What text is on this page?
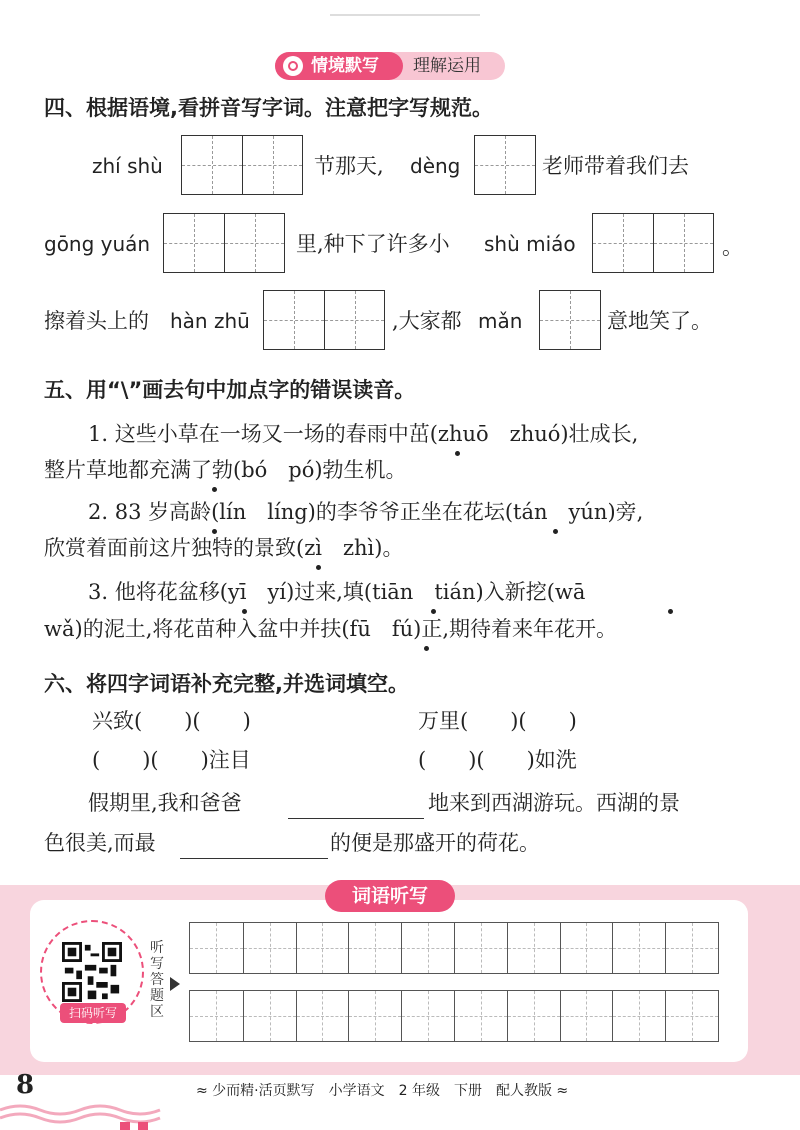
情境默写	理解运用
四、根据语境,看拼音写字词。注意把字写规范。
zhí shù	节那天, dèng	老师带着我们去
gōng yuán	里,种下了许多小 shù miáo	。
擦着头上的 hàn zhū	,大家都 mǎn	意地笑了。
五、用“\”画去句中加点字的错误读音。
1. 这些小草在一场又一场的春雨中茁(zhuō　zhuó)壮成长,
整片草地都充满了勃(bó　pó)勃生机。
2. 83 岁高龄(lín　líng)的李爷爷正坐在花坛(tán　yún)旁,
欣赏着面前这片独特的景致(zì　zhì)。
3. 他将花盆移(yī　yí)过来,填(tiān　tián)入新挖(wā
wǎ)的泥土,将花苗种入盆中并扶(fū　fú)正,期待着来年花开。
六、将四字词语补充完整,并选词填空。
兴致(　　)(　　)	万里(　　)(　　)
(　　)(　　)注目	(　　)(　　)如洗
假期里,我和爸爸	地来到西湖游玩。西湖的景
色很美,而最	的便是那盛开的荷花。
词语听写
扫码听写
听写答题区
8	≈ 少而精·活页默写　小学语文　2 年级　下册　配人教版 ≈
